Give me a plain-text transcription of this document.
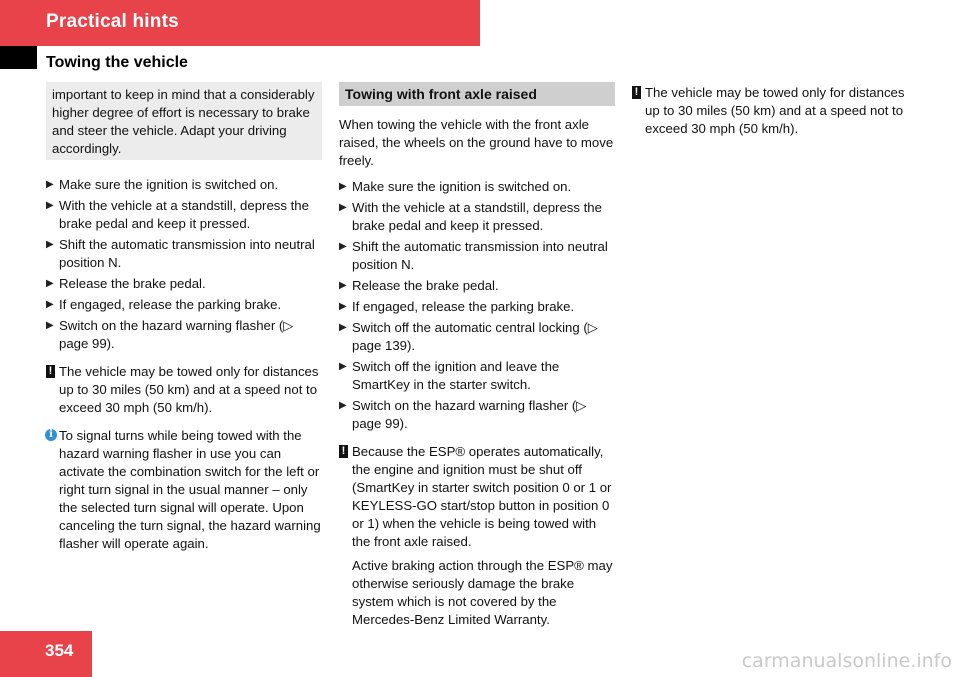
Practical hints
Towing the vehicle
important to keep in mind that a considerably higher degree of effort is necessary to brake and steer the vehicle. Adapt your driving accordingly.
▶ Make sure the ignition is switched on.
▶ With the vehicle at a standstill, depress the brake pedal and keep it pressed.
▶ Shift the automatic transmission into neutral position N.
▶ Release the brake pedal.
▶ If engaged, release the parking brake.
▶ Switch on the hazard warning flasher (▷ page 99).
! The vehicle may be towed only for distances up to 30 miles (50 km) and at a speed not to exceed 30 mph (50 km/h).
i To signal turns while being towed with the hazard warning flasher in use you can activate the combination switch for the left or right turn signal in the usual manner – only the selected turn signal will operate. Upon canceling the turn signal, the hazard warning flasher will operate again.
Towing with front axle raised

When towing the vehicle with the front axle raised, the wheels on the ground have to move freely.

▶ Make sure the ignition is switched on.
▶ With the vehicle at a standstill, depress the brake pedal and keep it pressed.
▶ Shift the automatic transmission into neutral position N.
▶ Release the brake pedal.
▶ If engaged, release the parking brake.
▶ Switch off the automatic central locking (▷ page 139).
▶ Switch off the ignition and leave the SmartKey in the starter switch.
▶ Switch on the hazard warning flasher (▷ page 99).
! Because the ESP® operates automatically, the engine and ignition must be shut off (SmartKey in starter switch position 0 or 1 or KEYLESS-GO start/stop button in position 0 or 1) when the vehicle is being towed with the front axle raised.

Active braking action through the ESP® may otherwise seriously damage the brake system which is not covered by the Mercedes-Benz Limited Warranty.

! The vehicle may be towed only for distances up to 30 miles (50 km) and at a speed not to exceed 30 mph (50 km/h).
354	carmanualsonline.info
